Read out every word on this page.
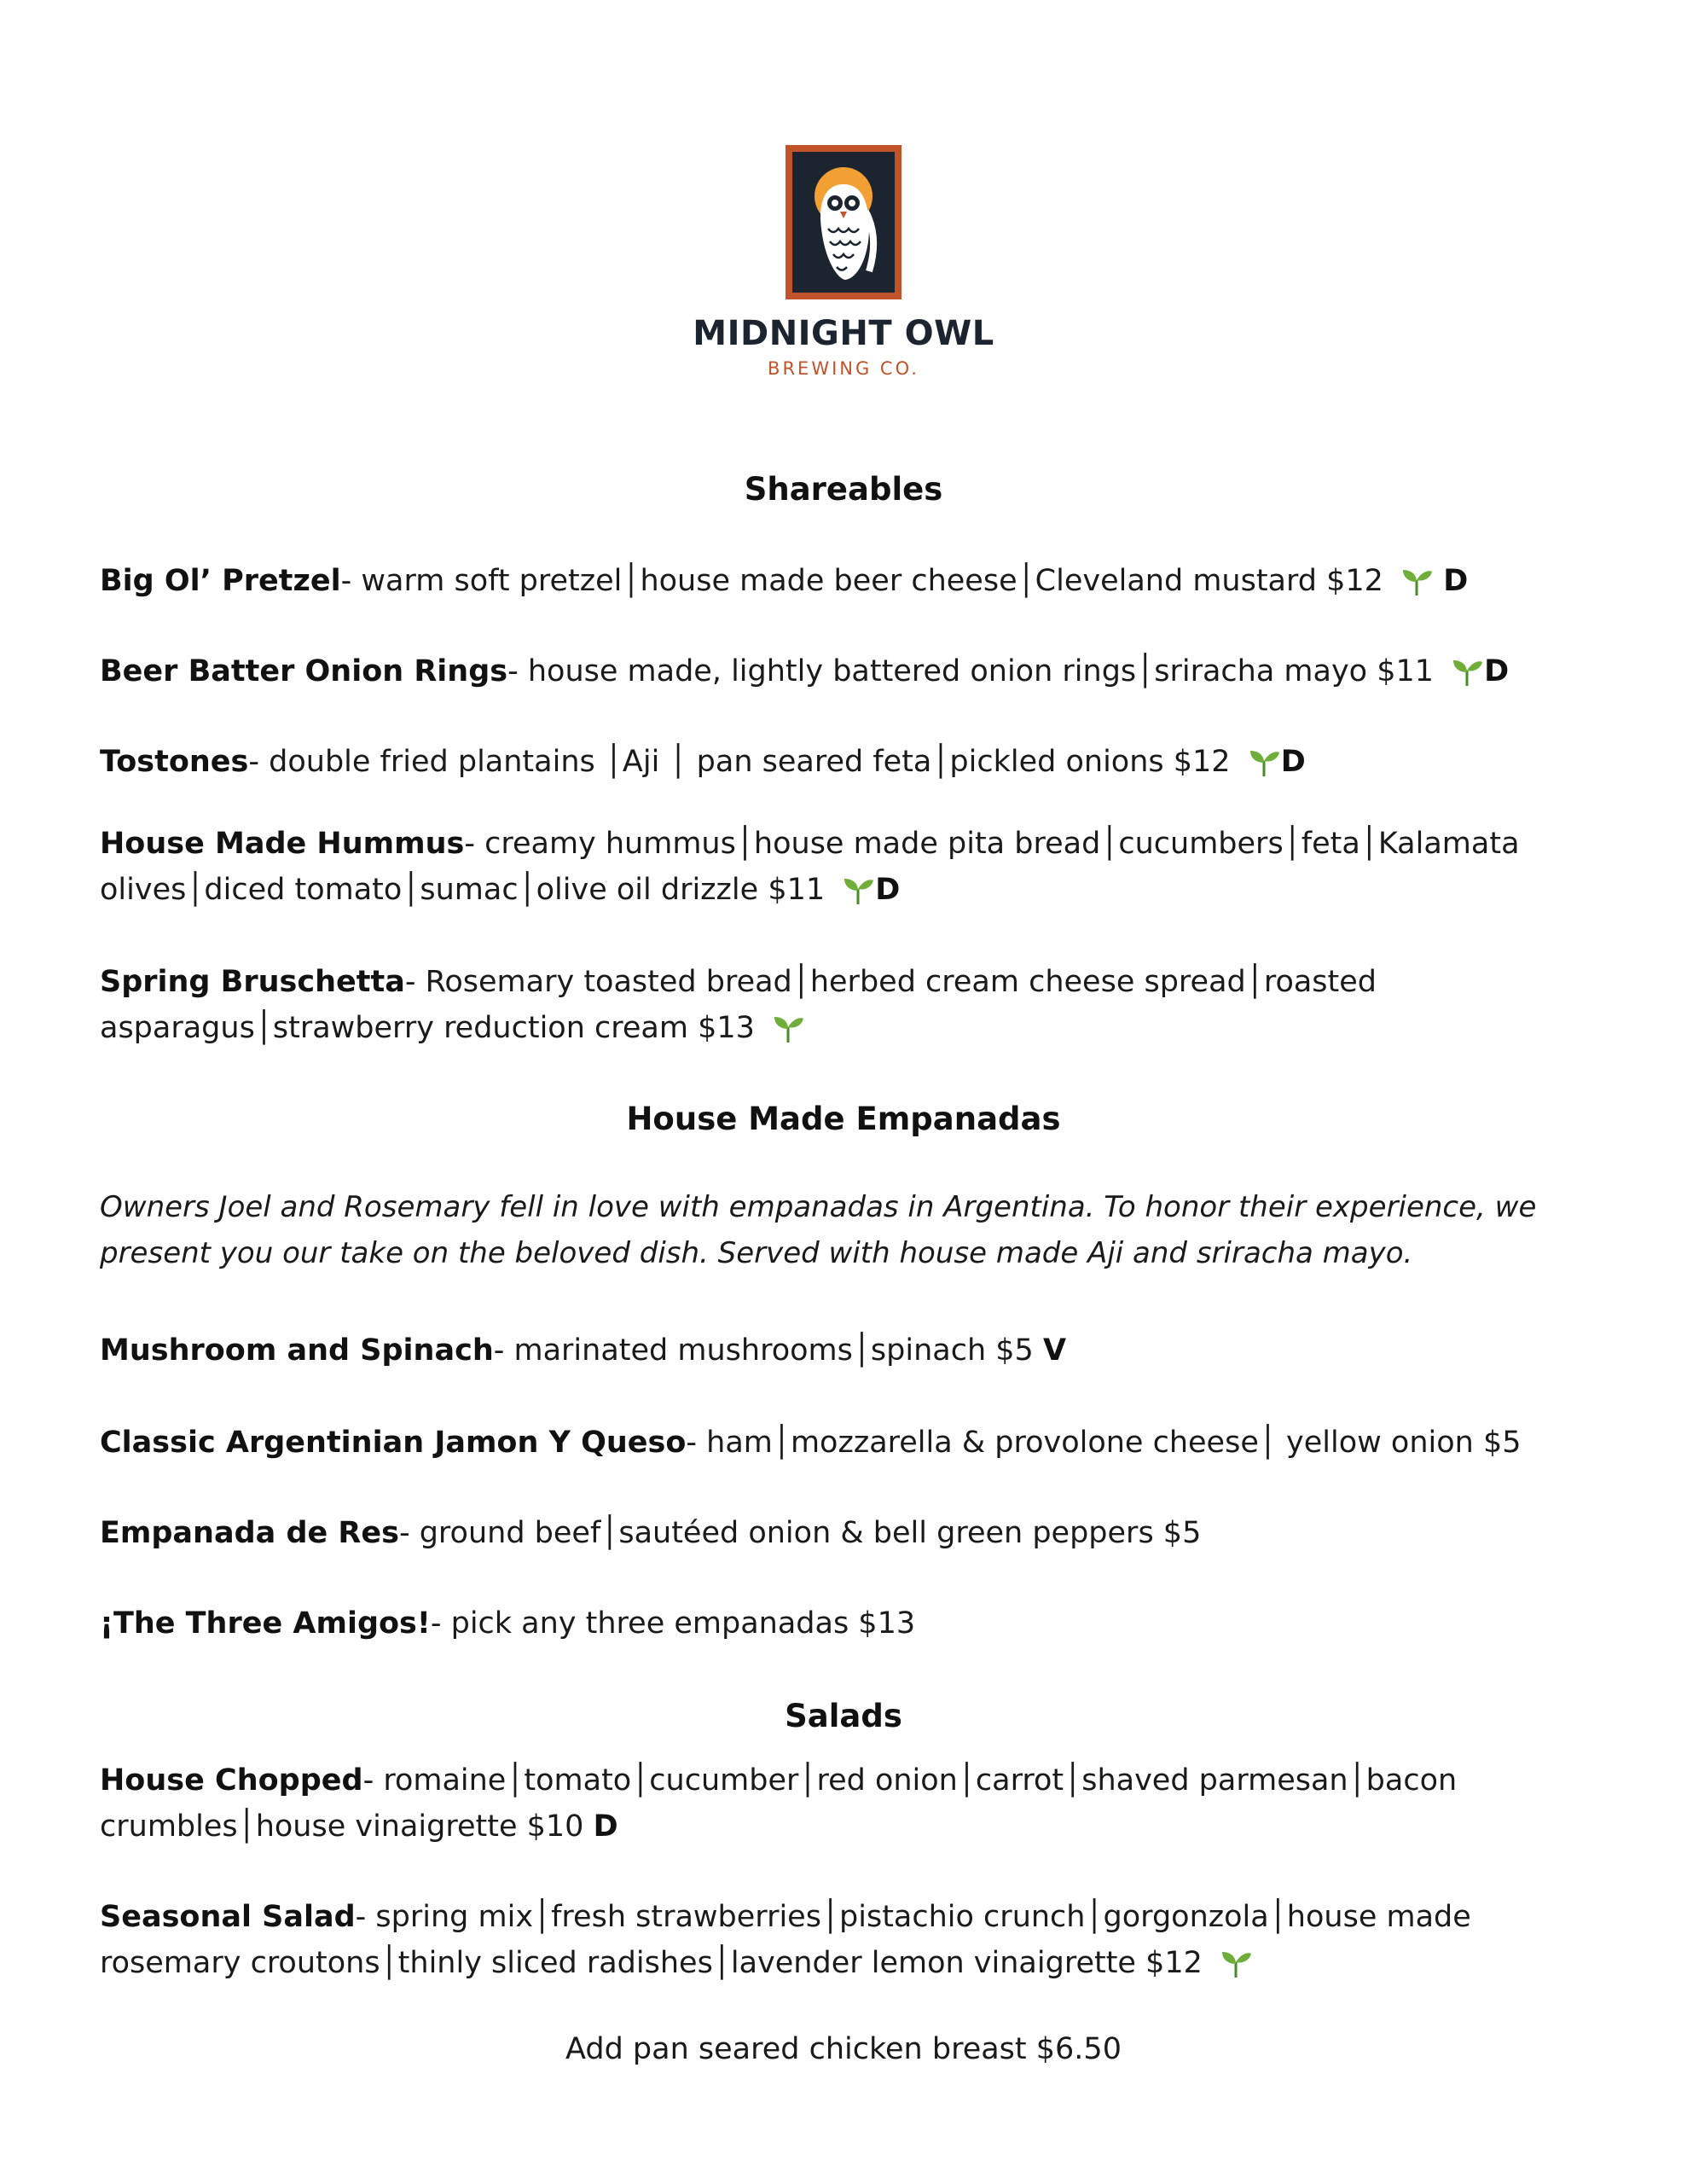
MIDNIGHT OWL
BREWING CO.
Shareables
Big Ol’ Pretzel- warm soft pretzel│house made beer cheese│Cleveland mustard $12 D
Beer Batter Onion Rings- house made, lightly battered onion rings│sriracha mayo $11 D
Tostones- double fried plantains │Aji │ pan seared feta│pickled onions $12 D
House Made Hummus- creamy hummus│house made pita bread│cucumbers│feta│Kalamata olives│diced tomato│sumac│olive oil drizzle $11 D
Spring Bruschetta- Rosemary toasted bread│herbed cream cheese spread│roasted asparagus│strawberry reduction cream $13
House Made Empanadas
Owners Joel and Rosemary fell in love with empanadas in Argentina. To honor their experience, we present you our take on the beloved dish. Served with house made Aji and sriracha mayo.
Mushroom and Spinach- marinated mushrooms│spinach $5 V
Classic Argentinian Jamon Y Queso- ham│mozzarella & provolone cheese│ yellow onion $5
Empanada de Res- ground beef│sautéed onion & bell green peppers $5
¡The Three Amigos!- pick any three empanadas $13
Salads
House Chopped- romaine│tomato│cucumber│red onion│carrot│shaved parmesan│bacon crumbles│house vinaigrette $10 D
Seasonal Salad- spring mix│fresh strawberries│pistachio crunch│gorgonzola│house made rosemary croutons│thinly sliced radishes│lavender lemon vinaigrette $12
Add pan seared chicken breast $6.50
